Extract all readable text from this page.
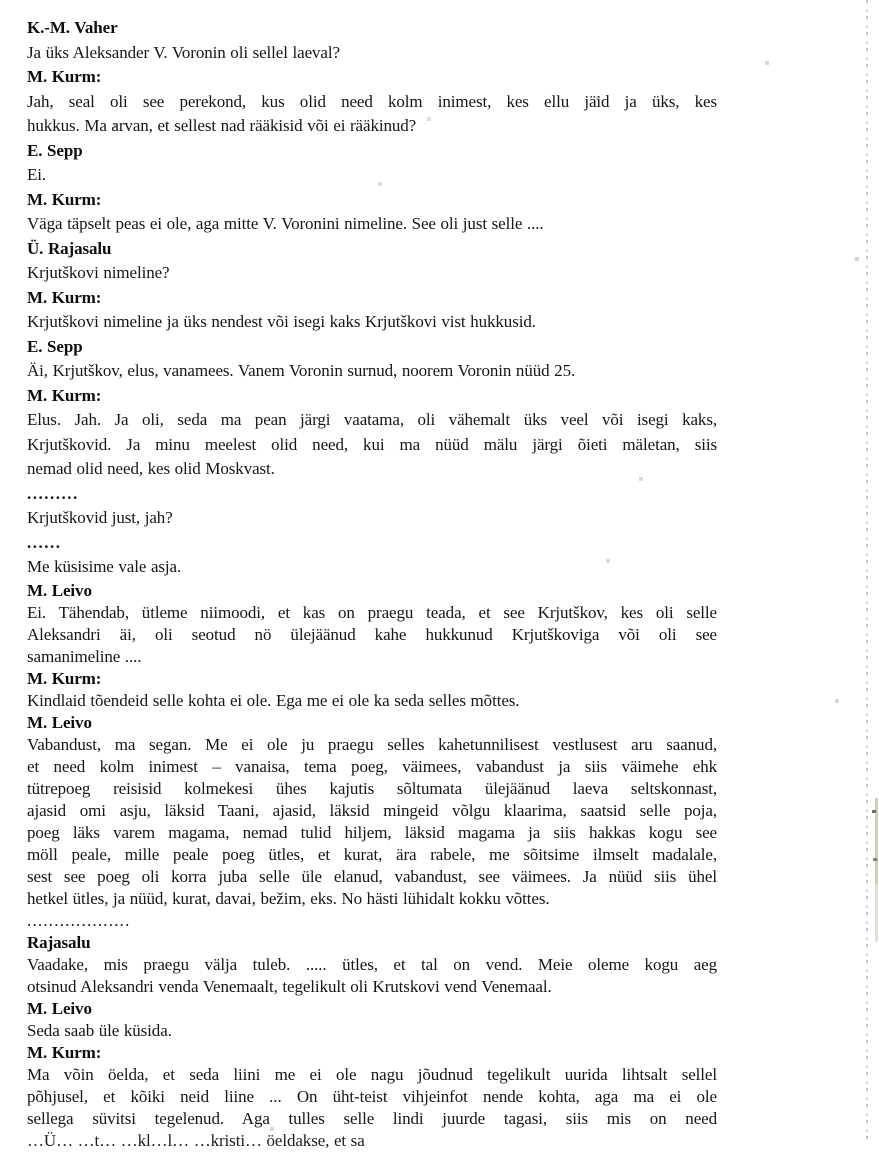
K.-M. Vaher
Ja üks Aleksander V. Voronin oli sellel laeval?
M. Kurm:
Jah, seal oli see perekond, kus olid need kolm inimest, kes ellu jäid ja üks, kes
hukkus. Ma arvan, et sellest nad rääkisid või ei rääkinud?
E. Sepp
Ei.
M. Kurm:
Väga täpselt peas ei ole, aga mitte V. Voronini nimeline. See oli just selle ....
Ü. Rajasalu
Krjutškovi nimeline?
M. Kurm:
Krjutškovi nimeline ja üks nendest või isegi kaks Krjutškovi vist hukkusid.
E. Sepp
Äi, Krjutškov, elus, vanamees. Vanem Voronin surnud, noorem Voronin nüüd 25.
M. Kurm:
Elus. Jah. Ja oli, seda ma pean järgi vaatama, oli vähemalt üks veel või isegi kaks,
Krjutškovid. Ja minu meelest olid need, kui ma nüüd mälu järgi õieti mäletan, siis
nemad olid need, kes olid Moskvast.
.........
Krjutškovid just, jah?
......
Me küsisime vale asja.
M. Leivo
Ei. Tähendab, ütleme niimoodi, et kas on praegu teada, et see Krjutškov, kes oli selle
Aleksandri äi, oli seotud nö ülejäänud kahe hukkunud Krjutškoviga või oli see
samanimeline ....
M. Kurm:
Kindlaid tõendeid selle kohta ei ole. Ega me ei ole ka seda selles mõttes.
M. Leivo
Vabandust, ma segan. Me ei ole ju praegu selles kahetunnilisest vestlusest aru saanud,
et need kolm inimest – vanaisa, tema poeg, väimees, vabandust ja siis väimehe ehk
tütrepoeg reisisid kolmekesi ühes kajutis sõltumata ülejäänud laeva seltskonnast,
ajasid omi asju, läksid Taani, ajasid, läksid mingeid võlgu klaarima, saatsid selle poja,
poeg läks varem magama, nemad tulid hiljem, läksid magama ja siis hakkas kogu see
möll peale, mille peale poeg ütles, et kurat, ära rabele, me sõitsime ilmselt madalale,
sest see poeg oli korra juba selle üle elanud, vabandust, see väimees. Ja nüüd siis ühel
hetkel ütles, ja nüüd, kurat, davai, bežim, eks. No hästi lühidalt kokku võttes.
...................
Rajasalu
Vaadake, mis praegu välja tuleb. ..... ütles, et tal on vend. Meie oleme kogu aeg
otsinud Aleksandri venda Venemaalt, tegelikult oli Krutskovi vend Venemaal.
M. Leivo
Seda saab üle küsida.
M. Kurm:
Ma võin öelda, et seda liini me ei ole nagu jõudnud tegelikult uurida lihtsalt sellel
põhjusel, et kõiki neid liine ... On üht-teist vihjeinfot nende kohta, aga ma ei ole
sellega süvitsi tegelenud. Aga tulles selle lindi juurde tagasi, siis mis on need
…Ü… …t… …kl…l… …kristi… öeldakse, et sa
